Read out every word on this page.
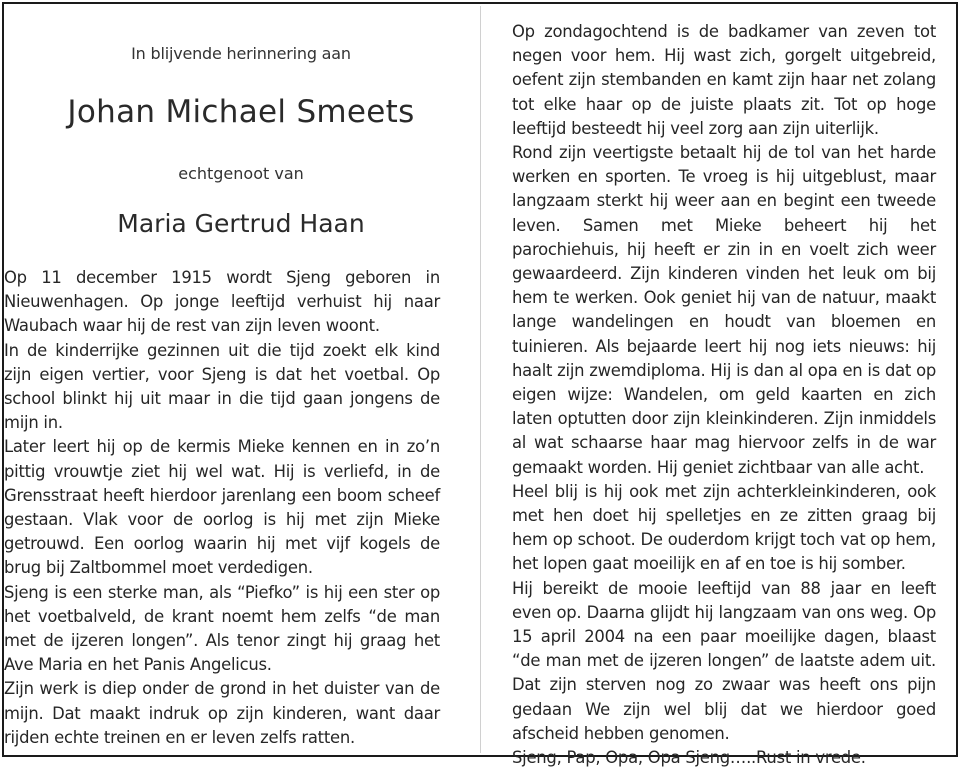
In blijvende herinnering aan
Johan Michael Smeets
echtgenoot van
Maria Gertrud Haan

Op 11 december 1915 wordt Sjeng geboren in Nieuwenhagen. Op jonge leeftijd verhuist hij naar Waubach waar hij de rest van zijn leven woont.

In de kinderrijke gezinnen uit die tijd zoekt elk kind zijn eigen vertier, voor Sjeng is dat het voetbal. Op school blinkt hij uit maar in die tijd gaan jongens de mijn in.

Later leert hij op de kermis Mieke kennen en in zo’n pittig vrouwtje ziet hij wel wat. Hij is verliefd, in de Grensstraat heeft hierdoor jarenlang een boom scheef gestaan. Vlak voor de oorlog is hij met zijn Mieke getrouwd. Een oorlog waarin hij met vijf kogels de brug bij Zaltbommel moet verdedigen.

Sjeng is een sterke man, als “Piefko” is hij een ster op het voetbalveld, de krant noemt hem zelfs “de man met de ijzeren longen”. Als tenor zingt hij graag het Ave Maria en het Panis Angelicus.

Zijn werk is diep onder de grond in het duister van de mijn. Dat maakt indruk op zijn kinderen, want daar rijden echte treinen en er leven zelfs ratten.

Op zondagochtend is de badkamer van zeven tot negen voor hem. Hij wast zich, gorgelt uitgebreid, oefent zijn stembanden en kamt zijn haar net zolang tot elke haar op de juiste plaats zit. Tot op hoge leeftijd besteedt hij veel zorg aan zijn uiterlijk.

Rond zijn veertigste betaalt hij de tol van het harde werken en sporten. Te vroeg is hij uitgeblust, maar langzaam sterkt hij weer aan en begint een tweede leven. Samen met Mieke beheert hij het parochiehuis, hij heeft er zin in en voelt zich weer gewaardeerd. Zijn kinderen vinden het leuk om bij hem te werken. Ook geniet hij van de natuur, maakt lange wandelingen en houdt van bloemen en tuinieren. Als bejaarde leert hij nog iets nieuws: hij haalt zijn zwemdiploma. Hij is dan al opa en is dat op eigen wijze: Wandelen, om geld kaarten en zich laten optutten door zijn kleinkinderen. Zijn inmiddels al wat schaarse haar mag hiervoor zelfs in de war gemaakt worden. Hij geniet zichtbaar van alle acht.

Heel blij is hij ook met zijn achterkleinkinderen, ook met hen doet hij spelletjes en ze zitten graag bij hem op schoot. De ouderdom krijgt toch vat op hem, het lopen gaat moeilijk en af en toe is hij somber.

Hij bereikt de mooie leeftijd van 88 jaar en leeft even op. Daarna glijdt hij langzaam van ons weg. Op 15 april 2004 na een paar moeilijke dagen, blaast “de man met de ijzeren longen” de laatste adem uit. Dat zijn sterven nog zo zwaar was heeft ons pijn gedaan We zijn wel blij dat we hierdoor goed afscheid hebben genomen.

Sjeng, Pap, Opa, Opa Sjeng…..Rust in vrede.
